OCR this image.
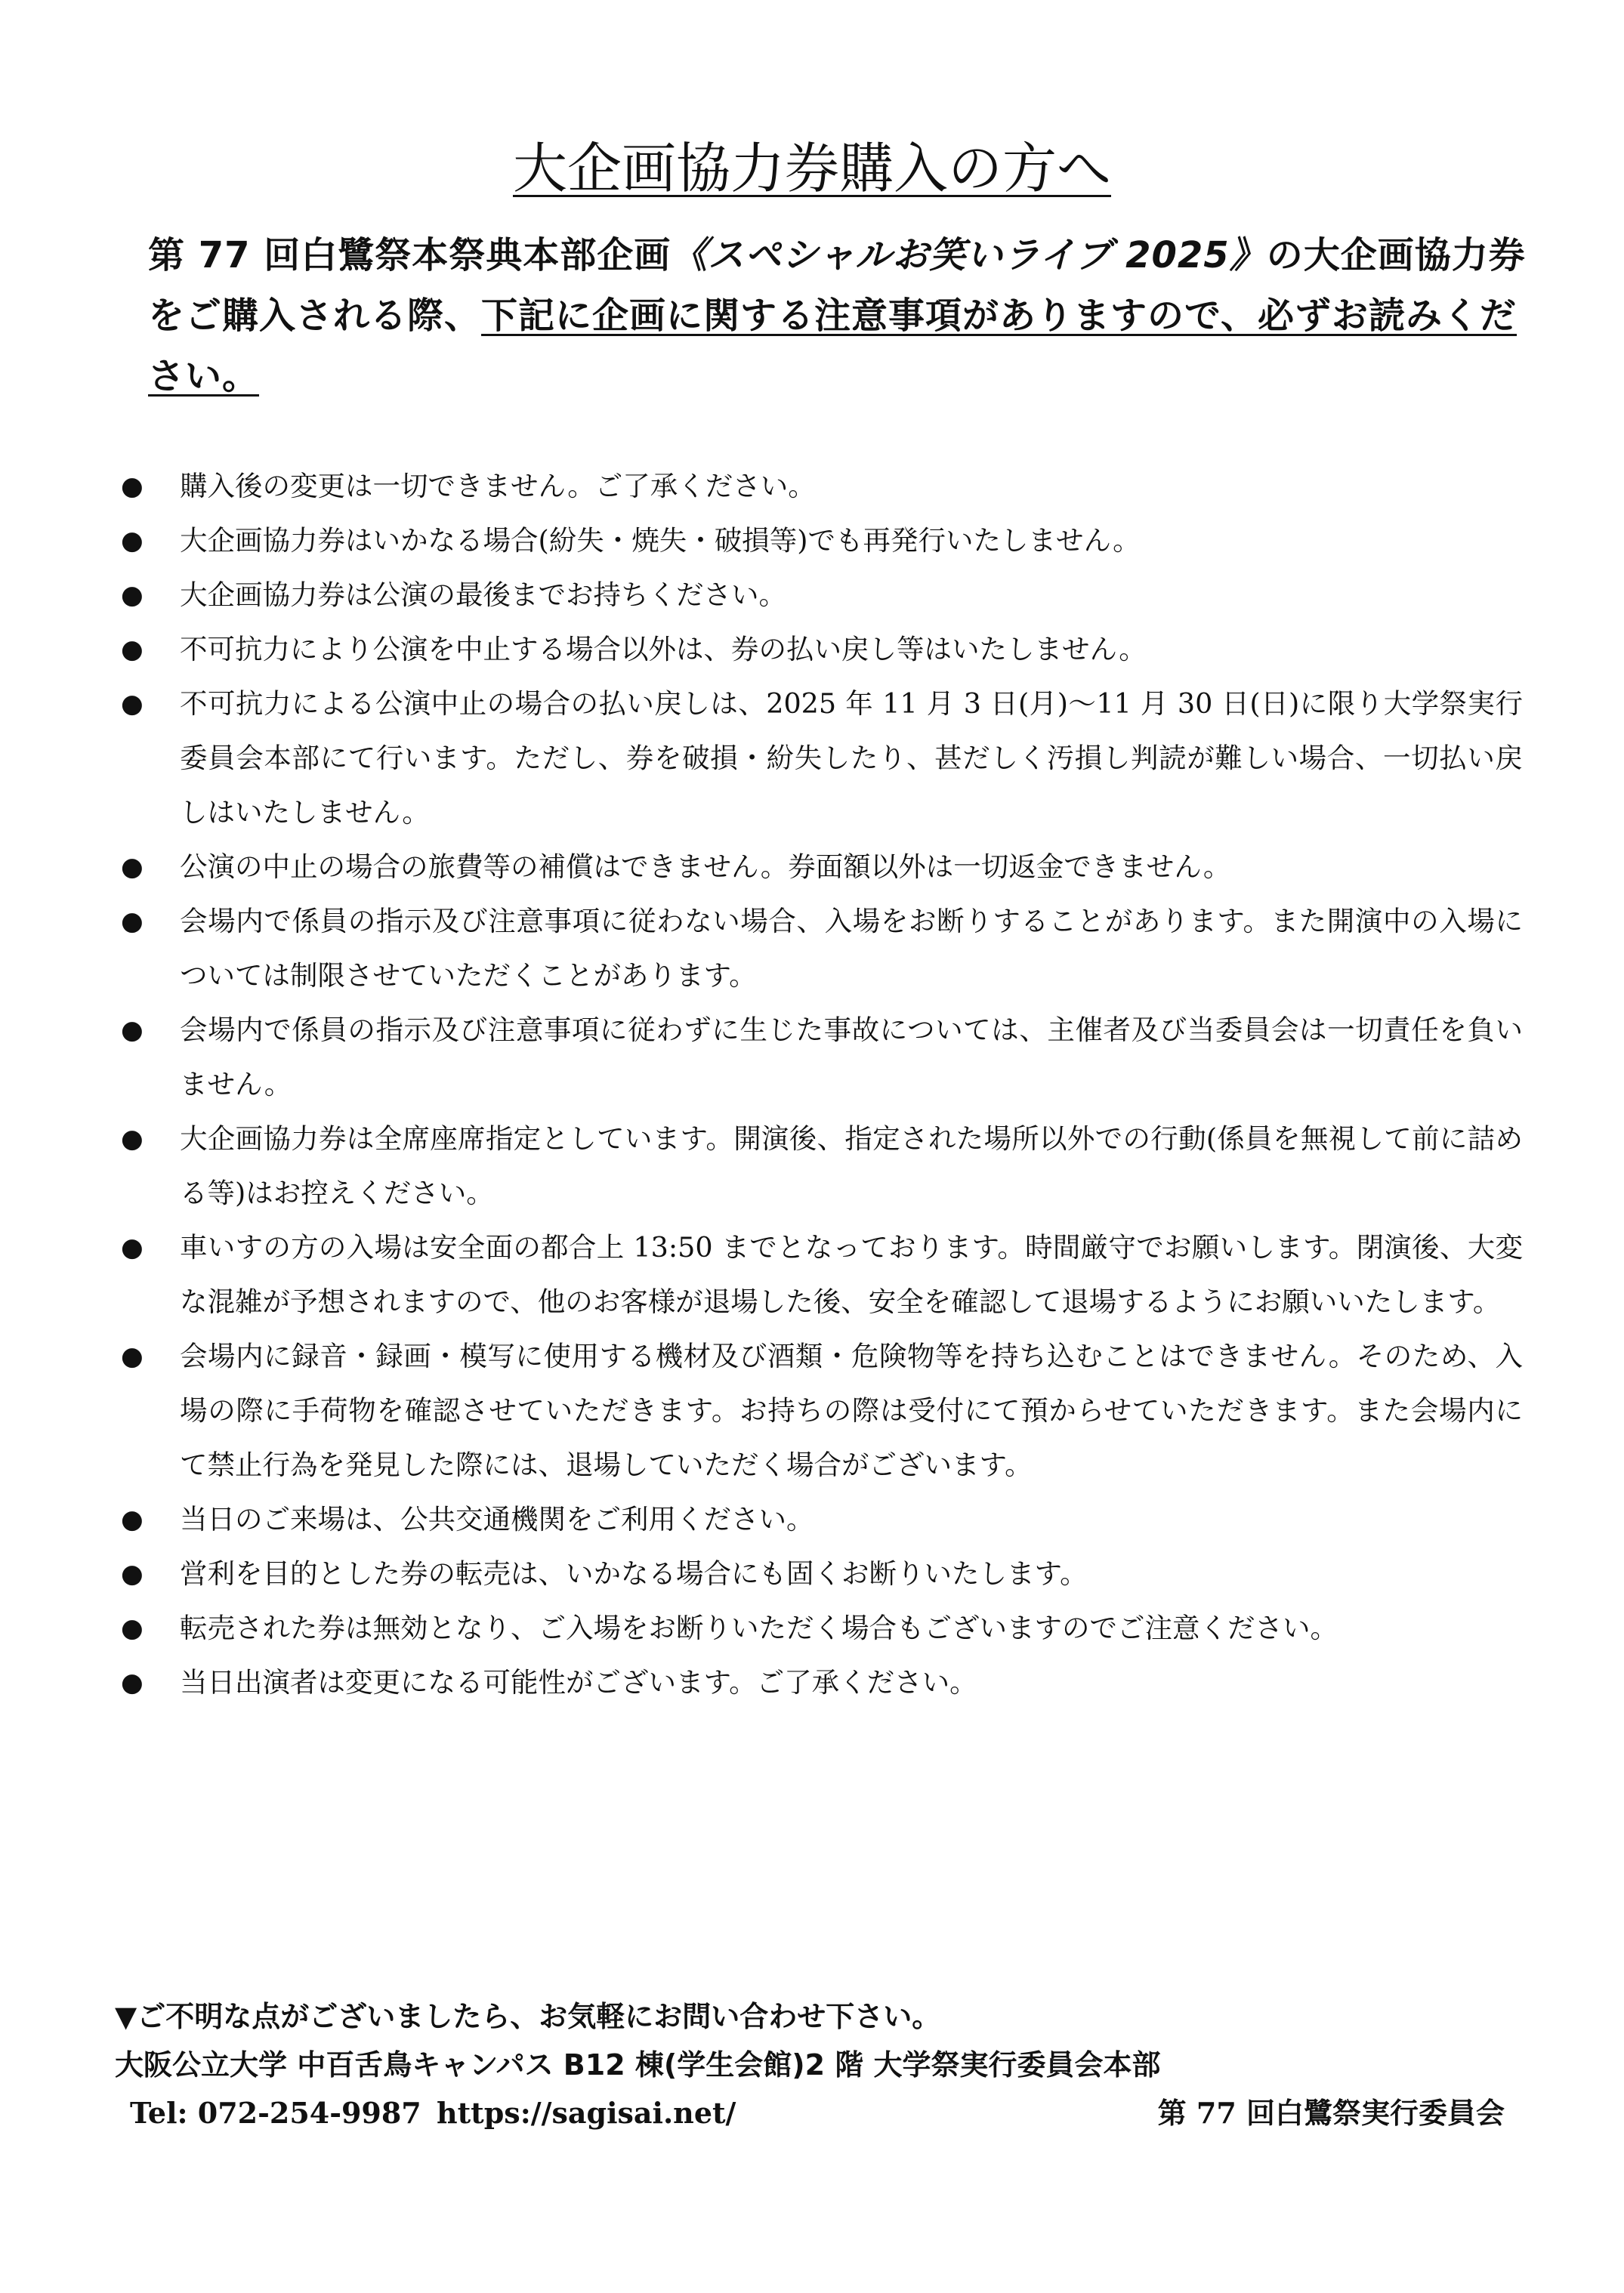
大企画協力券購入の方へ
第 77 回白鷺祭本祭典本部企画《スペシャルお笑いライブ 2025》の大企画協力券をご購入される際、下記に企画に関する注意事項がありますので、必ずお読みください。
● 購入後の変更は一切できません。ご了承ください。
● 大企画協力券はいかなる場合(紛失・焼失・破損等)でも再発行いたしません。
● 大企画協力券は公演の最後までお持ちください。
● 不可抗力により公演を中止する場合以外は、券の払い戻し等はいたしません。
● 不可抗力による公演中止の場合の払い戻しは、2025 年 11 月 3 日(月)〜11 月 30 日(日)に限り大学祭実行委員会本部にて行います。ただし、券を破損・紛失したり、甚だしく汚損し判読が難しい場合、一切払い戻しはいたしません。
● 公演の中止の場合の旅費等の補償はできません。券面額以外は一切返金できません。
● 会場内で係員の指示及び注意事項に従わない場合、入場をお断りすることがあります。また開演中の入場については制限させていただくことがあります。
● 会場内で係員の指示及び注意事項に従わずに生じた事故については、主催者及び当委員会は一切責任を負いません。
● 大企画協力券は全席座席指定としています。開演後、指定された場所以外での行動(係員を無視して前に詰める等)はお控えください。
● 車いすの方の入場は安全面の都合上 13:50 までとなっております。時間厳守でお願いします。閉演後、大変な混雑が予想されますので、他のお客様が退場した後、安全を確認して退場するようにお願いいたします。
● 会場内に録音・録画・模写に使用する機材及び酒類・危険物等を持ち込むことはできません。そのため、入場の際に手荷物を確認させていただきます。お持ちの際は受付にて預からせていただきます。また会場内にて禁止行為を発見した際には、退場していただく場合がございます。
● 当日のご来場は、公共交通機関をご利用ください。
● 営利を目的とした券の転売は、いかなる場合にも固くお断りいたします。
● 転売された券は無効となり、ご入場をお断りいただく場合もございますのでご注意ください。
● 当日出演者は変更になる可能性がございます。ご了承ください。
▼ご不明な点がございましたら、お気軽にお問い合わせ下さい。
大阪公立大学 中百舌鳥キャンパス B12 棟(学生会館)2 階 大学祭実行委員会本部
Tel: 072-254-9987 https://sagisai.net/	第 77 回白鷺祭実行委員会
